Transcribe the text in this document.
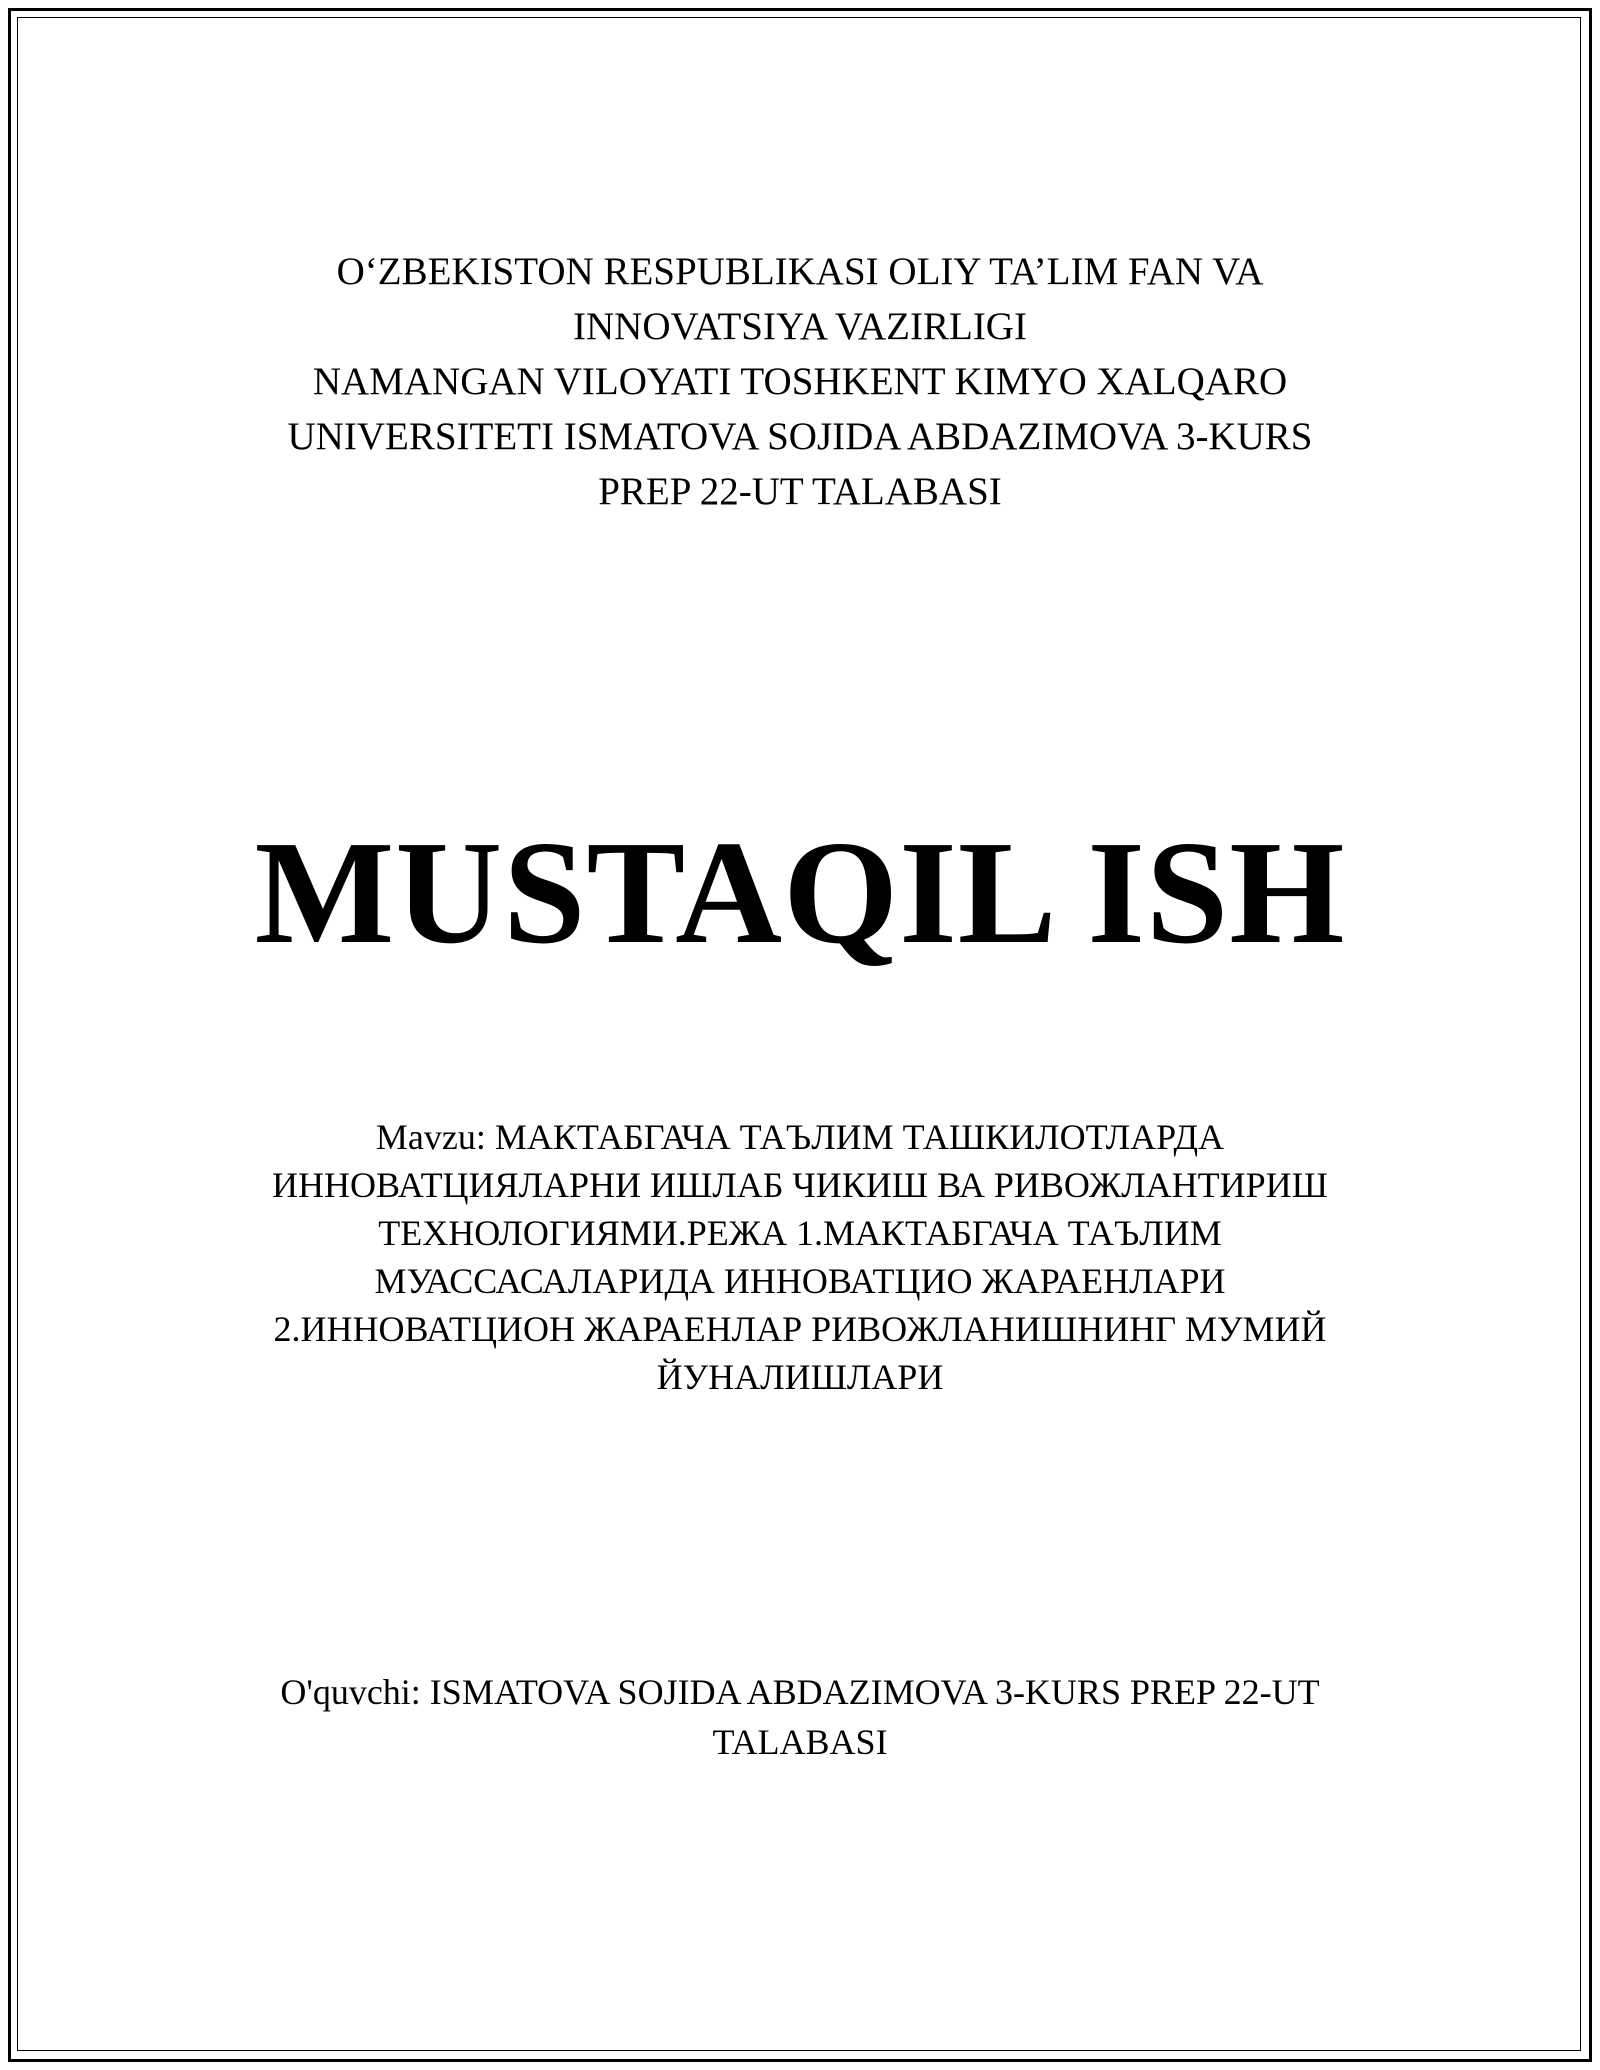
O‘ZBEKISTON RESPUBLIKASI OLIY TA’LIM FAN VA
INNOVATSIYA VAZIRLIGI
NAMANGAN VILOYATI TOSHKENT KIMYO XALQARO
UNIVERSITETI ISMATOVA SOJIDA ABDAZIMOVA 3-KURS
PREP 22-UT TALABASI
MUSTAQIL ISH
Mavzu: МАКТАБГАЧА ТАЪЛИМ ТАШКИЛОТЛАРДА
ИННОВАТЦИЯЛАРНИ ИШЛАБ ЧИКИШ ВА РИВОЖЛАНТИРИШ
ТЕХНОЛОГИЯМИ.РЕЖА 1.МАКТАБГАЧА ТАЪЛИМ
МУАССАСАЛАРИДА ИННОВАТЦИО ЖАРАЕНЛАРИ
2.ИННОВАТЦИОН ЖАРАЕНЛАР РИВОЖЛАНИШНИНГ МУМИЙ
ЙУНАЛИШЛАРИ
O'quvchi: ISMATOVA SOJIDA ABDAZIMOVA 3-KURS PREP 22-UT
TALABASI
